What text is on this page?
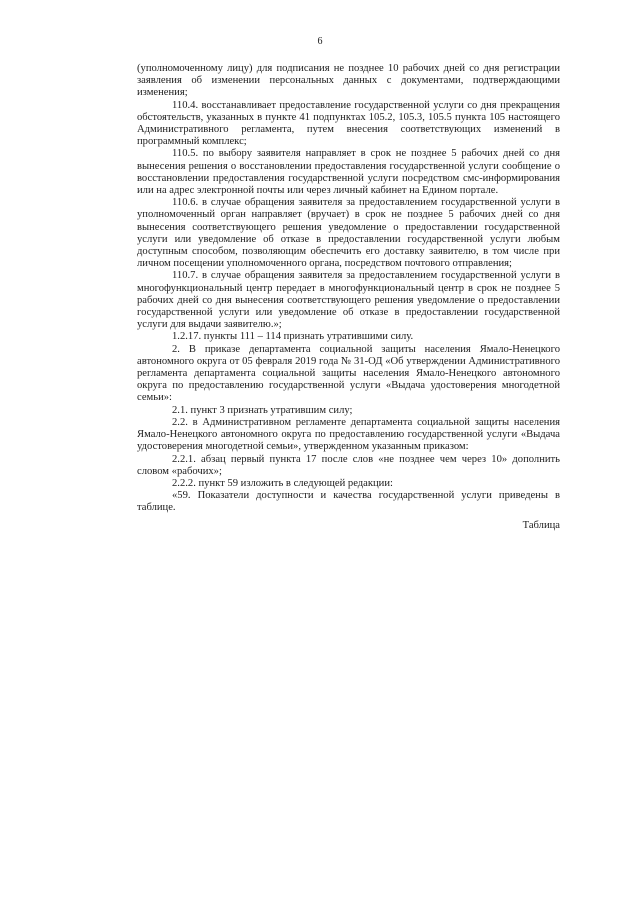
6

(уполномоченному лицу) для подписания не позднее 10 рабочих дней со дня регистрации заявления об изменении персональных данных с документами, подтверждающими изменения;

110.4. восстанавливает предоставление государственной услуги со дня прекращения обстоятельств, указанных в пункте 41 подпунктах 105.2, 105.3, 105.5 пункта 105 настоящего Административного регламента, путем внесения соответствующих изменений в программный комплекс;

110.5. по выбору заявителя направляет в срок не позднее 5 рабочих дней со дня вынесения решения о восстановлении предоставления государственной услуги сообщение о восстановлении предоставления государственной услуги посредством смс-информирования или на адрес электронной почты или через личный кабинет на Едином портале.

110.6. в случае обращения заявителя за предоставлением государственной услуги в уполномоченный орган направляет (вручает) в срок не позднее 5 рабочих дней со дня вынесения соответствующего решения уведомление о предоставлении государственной услуги или уведомление об отказе в предоставлении государственной услуги любым доступным способом, позволяющим обеспечить его доставку заявителю, в том числе при личном посещении уполномоченного органа, посредством почтового отправления;

110.7. в случае обращения заявителя за предоставлением государственной услуги в многофункциональный центр передает в многофункциональный центр в срок не позднее 5 рабочих дней со дня вынесения соответствующего решения уведомление о предоставлении государственной услуги или уведомление об отказе в предоставлении государственной услуги для выдачи заявителю.»;

1.2.17. пункты 111 – 114 признать утратившими силу.

2. В приказе департамента социальной защиты населения Ямало-Ненецкого автономного округа от 05 февраля 2019 года № 31-ОД «Об утверждении Административного регламента департамента социальной защиты населения Ямало-Ненецкого автономного округа по предоставлению государственной услуги «Выдача удостоверения многодетной семьи»:

2.1. пункт 3 признать утратившим силу;

2.2. в Административном регламенте департамента социальной защиты населения Ямало-Ненецкого автономного округа по предоставлению государственной услуги «Выдача удостоверения многодетной семьи», утвержденном указанным приказом:

2.2.1. абзац первый пункта 17 после слов «не позднее чем через 10» дополнить словом «рабочих»;

2.2.2. пункт 59 изложить в следующей редакции:

«59. Показатели доступности и качества государственной услуги приведены в таблице.

Таблица
